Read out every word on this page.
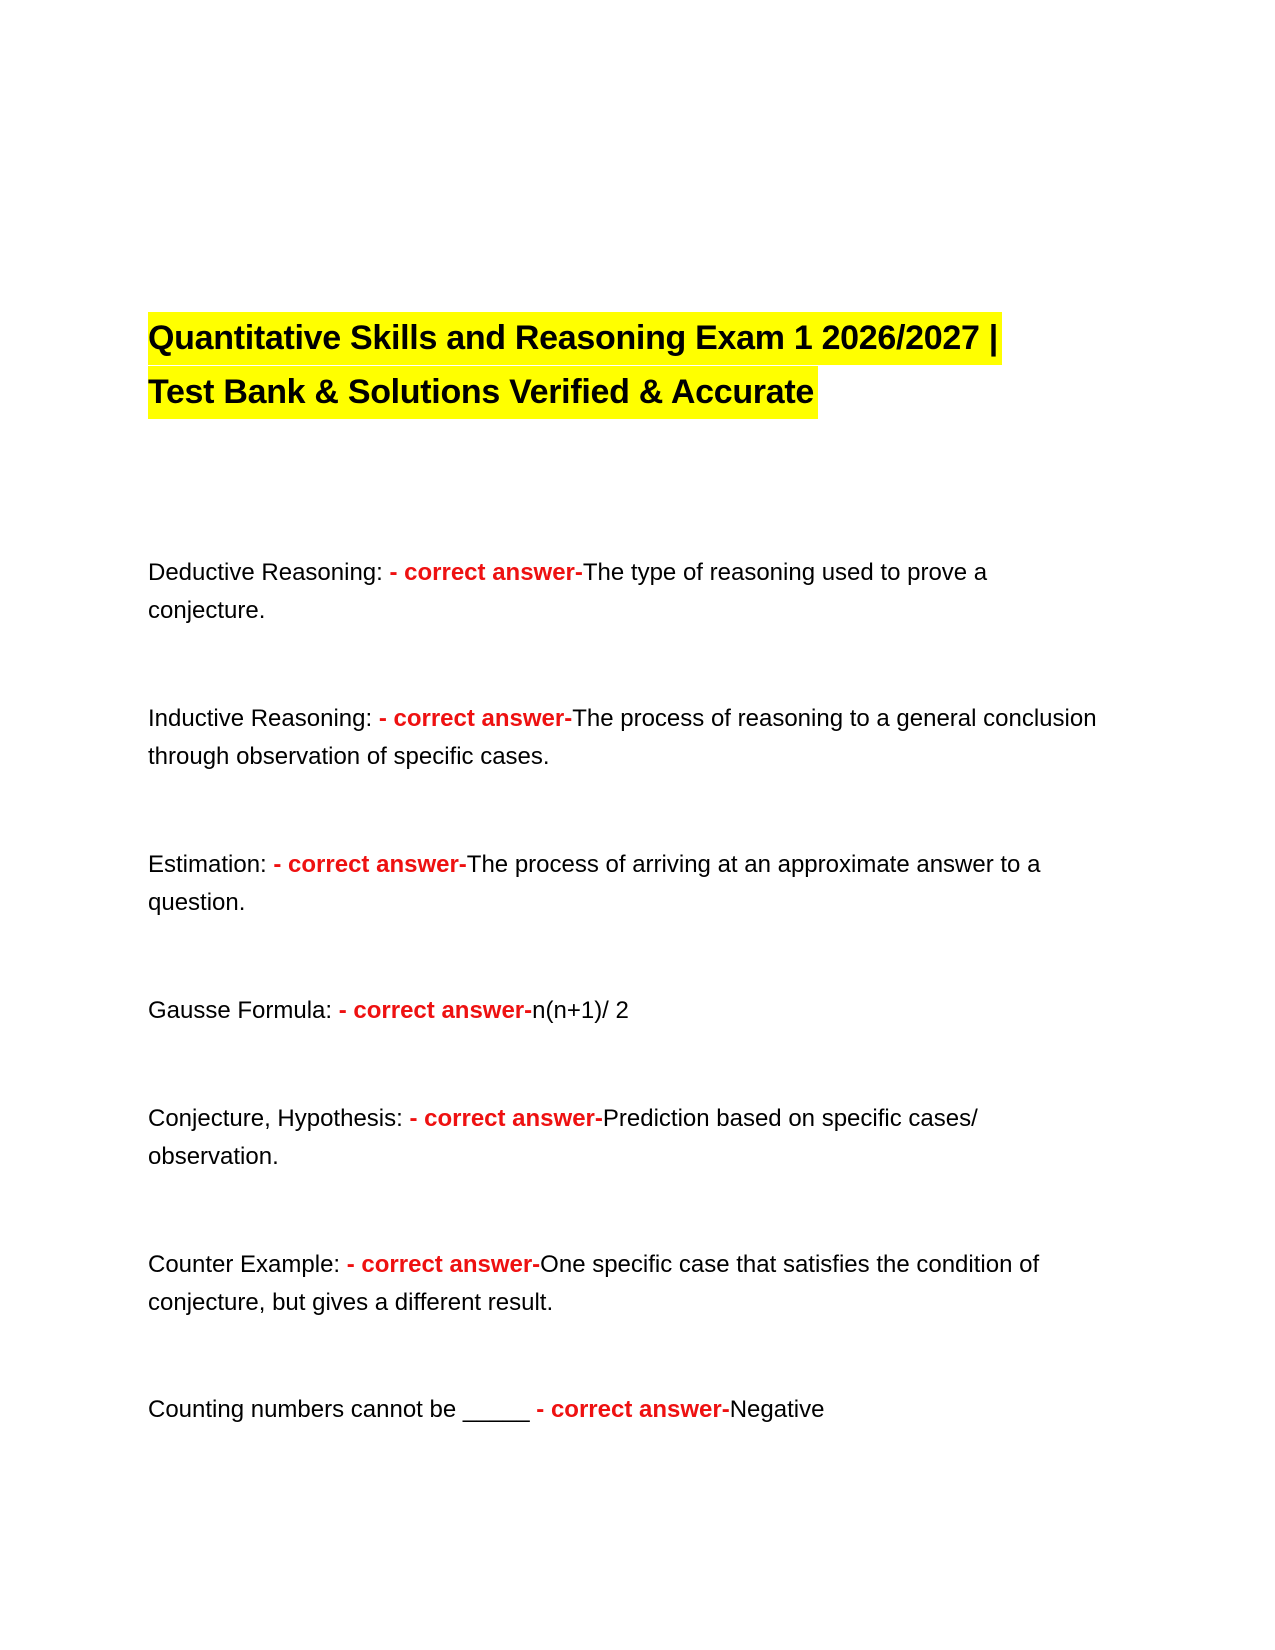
Quantitative Skills and Reasoning Exam 1 2026/2027 |
Test Bank & Solutions Verified & Accurate
Deductive Reasoning: - correct answer-The type of reasoning used to prove a conjecture.
Inductive Reasoning: - correct answer-The process of reasoning to a general conclusion through observation of specific cases.
Estimation: - correct answer-The process of arriving at an approximate answer to a question.
Gausse Formula: - correct answer-n(n+1)/ 2
Conjecture, Hypothesis: - correct answer-Prediction based on specific cases/ observation.
Counter Example: - correct answer-One specific case that satisfies the condition of conjecture, but gives a different result.
Counting numbers cannot be _____ - correct answer-Negative
